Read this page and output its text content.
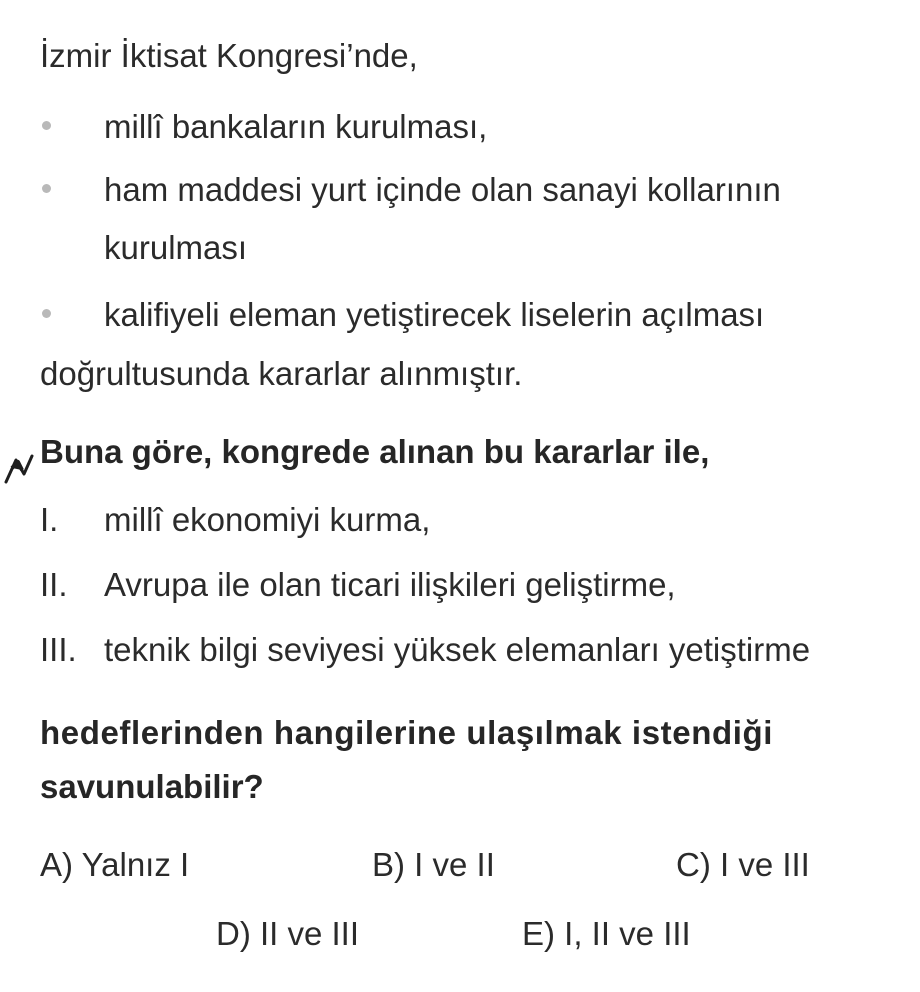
İzmir İktisat Kongresi’nde,
millî bankaların kurulması,
ham maddesi yurt içinde olan sanayi kollarının
kurulması
kalifiyeli eleman yetiştirecek liselerin açılması
doğrultusunda kararlar alınmıştır.
Buna göre, kongrede alınan bu kararlar ile,
I. millî ekonomiyi kurma,
II. Avrupa ile olan ticari ilişkileri geliştirme,
III. teknik bilgi seviyesi yüksek elemanları yetiştirme
hedeflerinden hangilerine ulaşılmak istendiği
savunulabilir?
A) Yalnız I	B) I ve II	C) I ve III
D) II ve III	E) I, II ve III
